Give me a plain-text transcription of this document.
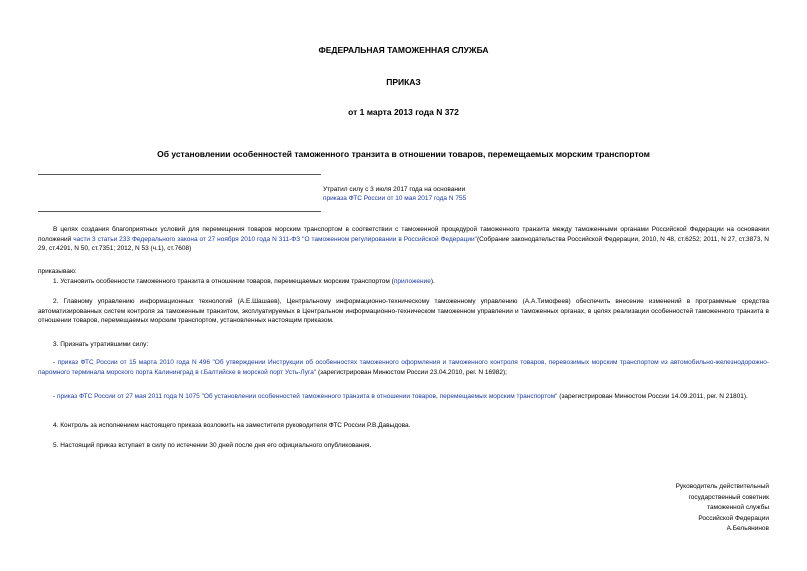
ФЕДЕРАЛЬНАЯ ТАМОЖЕННАЯ СЛУЖБА
ПРИКАЗ
от 1 марта 2013 года N 372
Об установлении особенностей таможенного транзита в отношении товаров, перемещаемых морским транспортом
Утратил силу с 3 июля 2017 года на основании
приказа ФТС России от 10 мая 2017 года N 755
В целях создания благоприятных условий для перемещения товаров морским транспортом в соответствии с таможенной процедурой таможенного транзита между таможенными органами Российской Федерации на основании положений части 3 статьи 233 Федерального закона от 27 ноября 2010 года N 311-ФЗ "О таможенном регулировании в Российской Федерации"(Собрание законодательства Российской Федерации, 2010, N 48, ст.6252; 2011, N 27, ст.3873, N 29, ст.4291, N 50, ст.7351; 2012, N 53 (ч.1), ст.7608)
приказываю:
1. Установить особенности таможенного транзита в отношении товаров, перемещаемых морским транспортом (приложение).
2. Главному управлению информационных технологий (А.Е.Шашаев), Центральному информационно-техническому таможенному управлению (А.А.Тимофеев) обеспечить внесение изменений в программные средства автоматизированных систем контроля за таможенным транзитом, эксплуатируемых в Центральном информационно-техническом таможенном управлении и таможенных органах, в целях реализации особенностей таможенного транзита в отношении товаров, перемещаемых морским транспортом, установленных настоящим приказом.
3. Признать утратившими силу:
- приказ ФТС России от 15 марта 2010 года N 496 "Об утверждении Инструкции об особенностях таможенного оформления и таможенного контроля товаров, перевозимых морским транспортом из автомобильно-железнодорожно-паромного терминала морского порта Калининград в г.Балтийске в морской порт Усть-Луга" (зарегистрирован Минюстом России 23.04.2010, рег. N 16982);
- приказ ФТС России от 27 мая 2011 года N 1075 "Об установлении особенностей таможенного транзита в отношении товаров, перемещаемых морским транспортом" (зарегистрирован Минюстом России 14.09.2011, рег. N 21801).
4. Контроль за исполнением настоящего приказа возложить на заместителя руководителя ФТС России Р.В.Давыдова.
5. Настоящий приказ вступает в силу по истечении 30 дней после дня его официального опубликования.
Руководитель действительный
государственный советник
таможенной службы
Российской Федерации
А.Бельянинов
